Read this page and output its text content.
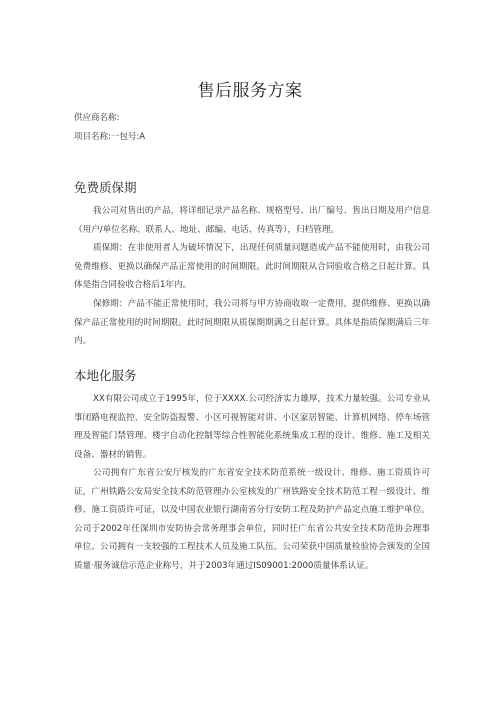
售后服务方案
供应商名称:
项目名称:一包号:A
免费质保期

我公司对售出的产品，将详细记录产品名称、规格型号、出厂编号、售出日期及用户信息（用户/单位名称、联系人、地址、邮编、电话、传真等），归档管理。

质保期：在非使用者人为破坏情况下，出现任何质量问题造成产品不能使用时，由我公司免费维修、更换以确保产品正常使用的时间期限。此时间期限从合同验收合格之日起计算。具体是指合同验收合格后1年内。

保修期：产品不能正常使用时，我公司将与甲方协商收取一定费用，提供维修、更换以确保产品正常使用的时间期限。此时间期限从质保期期满之日起计算。具体是指质保期满后三年内。

本地化服务

XX有限公司成立于1995年，位于XXXX.公司经济实力雄厚，技术力量较强。公司专业从事闭路电视监控、安全防盗报警、小区可视智能对讲、小区家居智能、计算机网络、停车场管理及智能门禁管理、楼宇自动化控制等综合性智能化系统集成工程的设计、维修、施工及相关设备、器材的销售。

公司拥有广东省公安厅核发的广东省安全技术防范系统一级设计、维修、施工资质许可证，广州铁路公安局安全技术防范管理办公室核发的广州铁路安全技术防范工程一级设计、维修、施工资质许可证，以及中国农业银行湖南省分行安防工程及防护产品定点施工维护单位。公司于2002年任深圳市安防协会常务理事会单位，同时任广东省公共安全技术防范协会理事单位。公司拥有一支较强的工程技术人员及施工队伍。公司荣获中国质量检验协会颁发的全国质量·服务诚信示范企业称号，并于2003年通过IS09001:2000质量体系认证。
